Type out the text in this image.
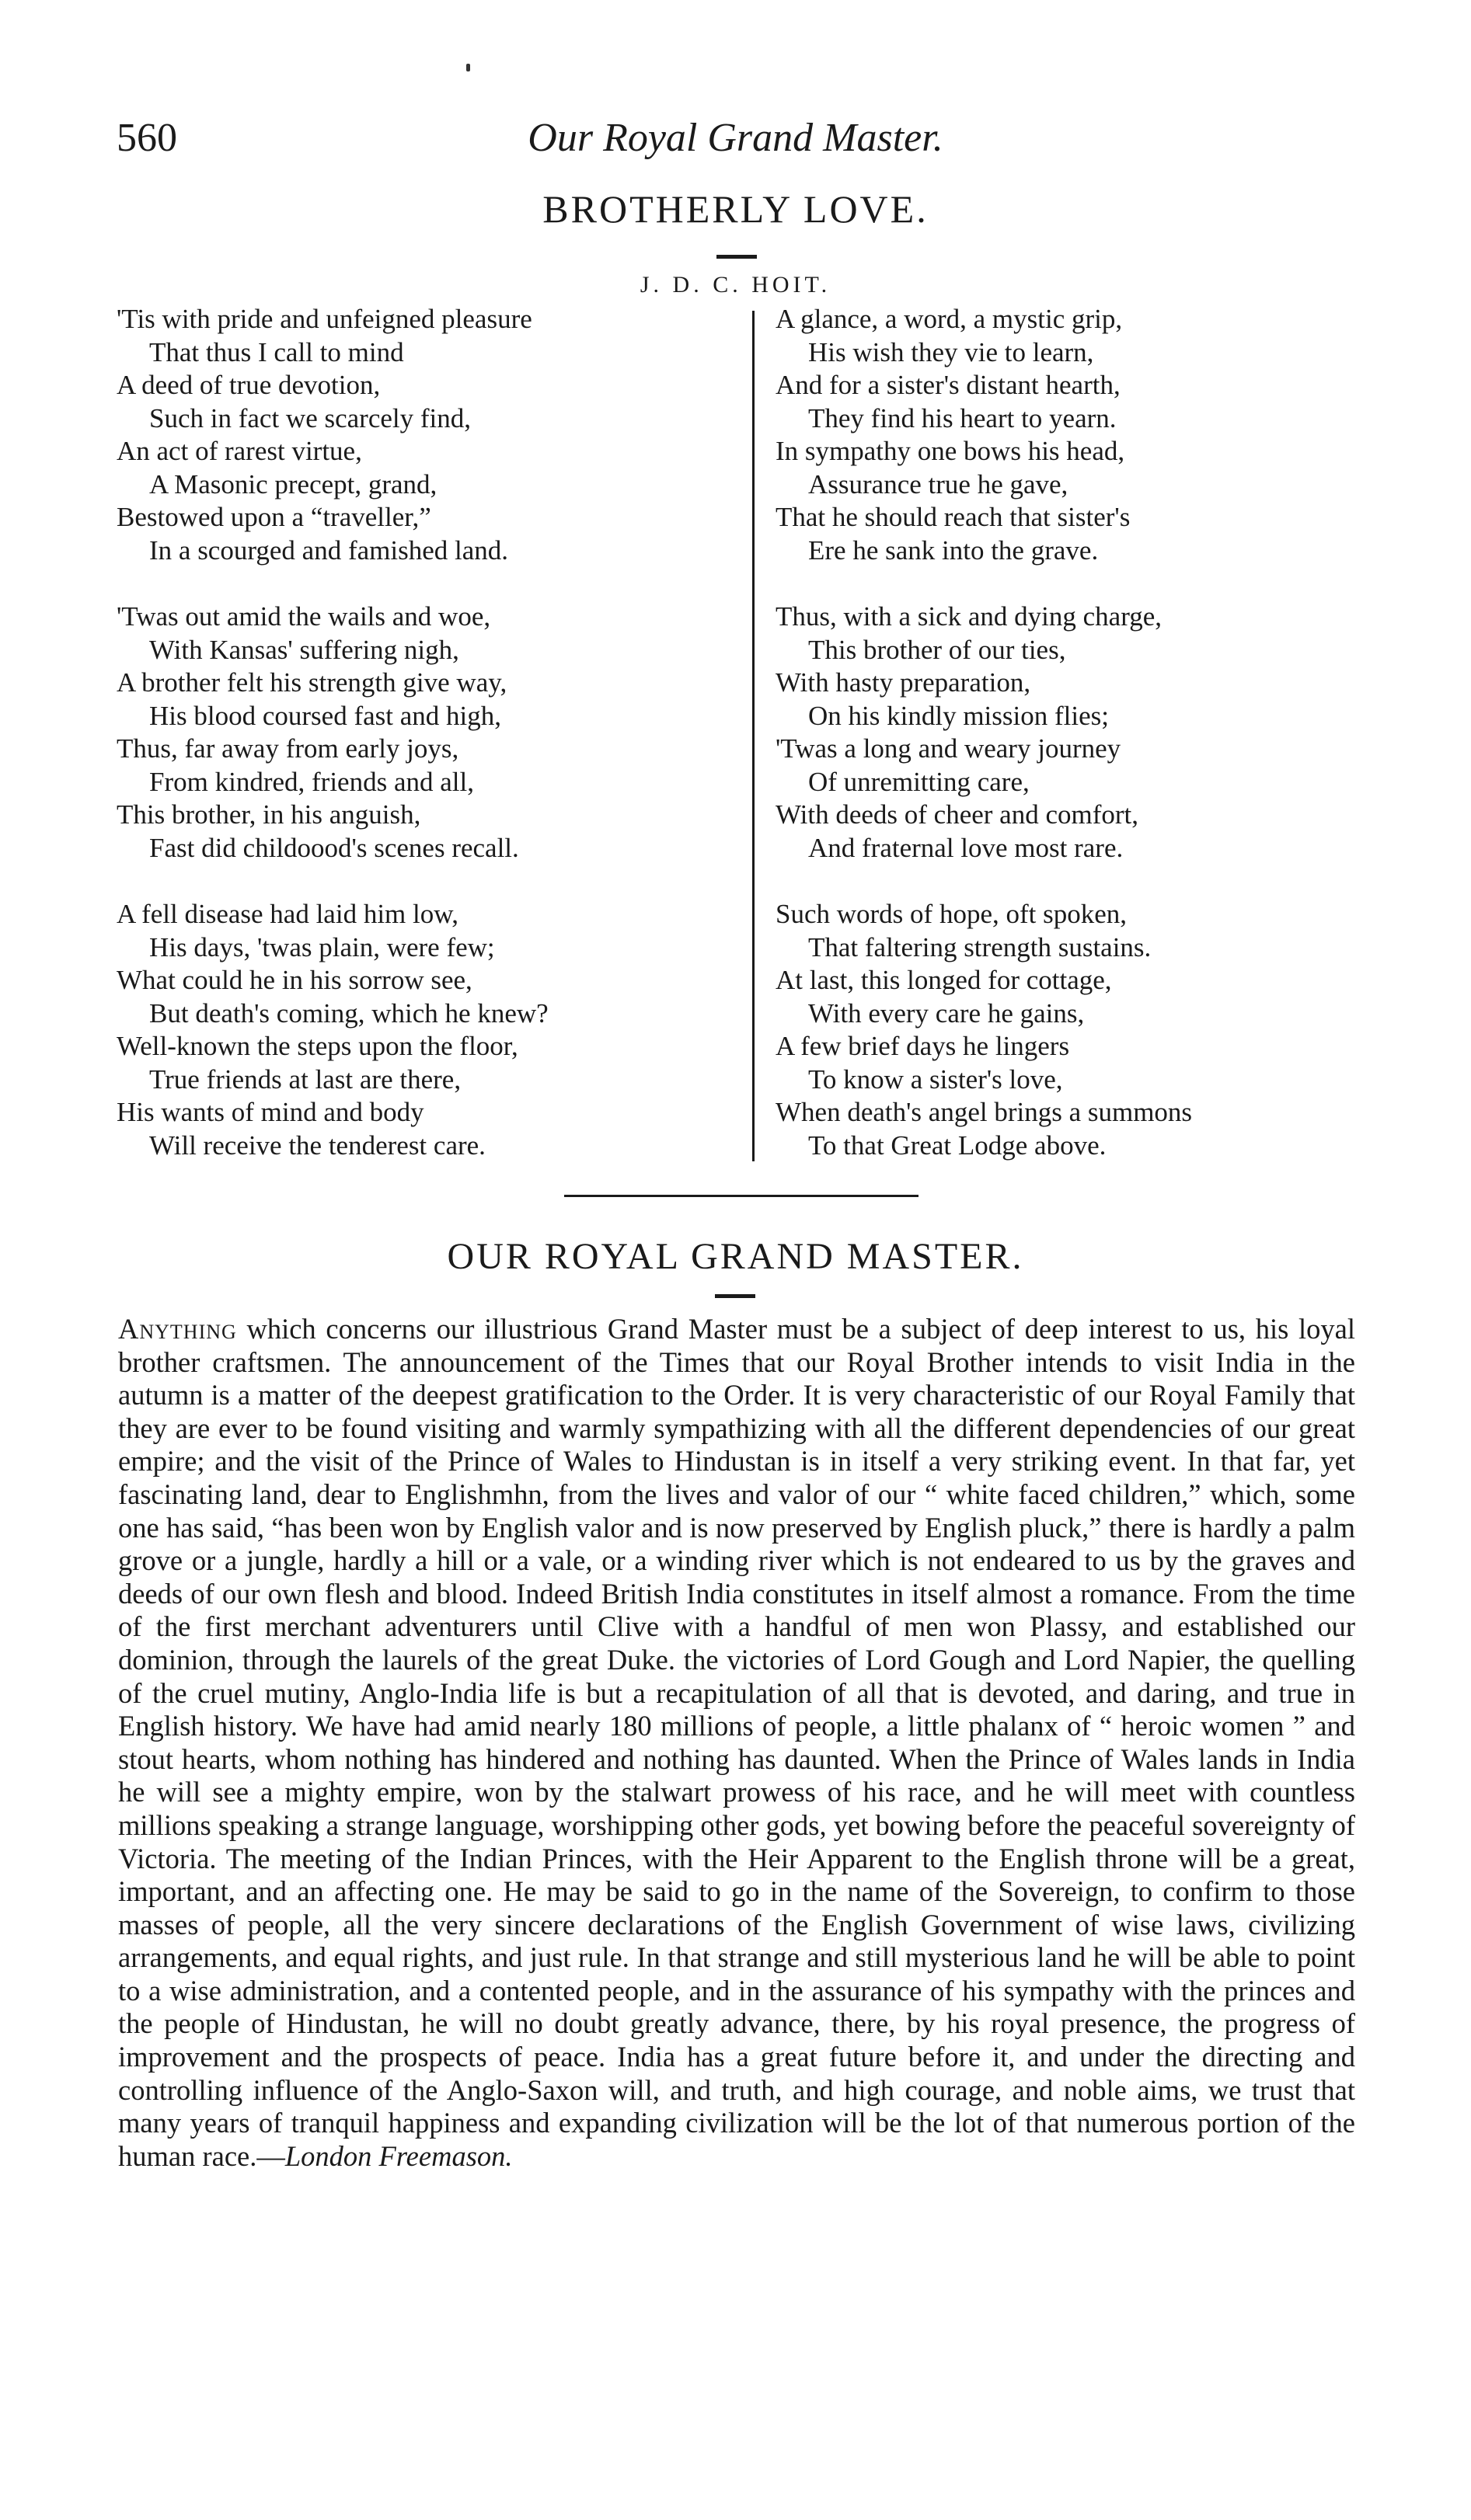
560	Our Royal Grand Master.
BROTHERLY LOVE.
J. D. C. HOIT.
'Tis with pride and unfeigned pleasure
That thus I call to mind
A deed of true devotion,
Such in fact we scarcely find,
An act of rarest virtue,
A Masonic precept, grand,
Bestowed upon a “traveller,”
In a scourged and famished land.
'Twas out amid the wails and woe,
With Kansas' suffering nigh,
A brother felt his strength give way,
His blood coursed fast and high,
Thus, far away from early joys,
From kindred, friends and all,
This brother, in his anguish,
Fast did childoood's scenes recall.
A fell disease had laid him low,
His days, 'twas plain, were few;
What could he in his sorrow see,
But death's coming, which he knew?
Well-known the steps upon the floor,
True friends at last are there,
His wants of mind and body
Will receive the tenderest care.
A glance, a word, a mystic grip,
His wish they vie to learn,
And for a sister's distant hearth,
They find his heart to yearn.
In sympathy one bows his head,
Assurance true he gave,
That he should reach that sister's
Ere he sank into the grave.
Thus, with a sick and dying charge,
This brother of our ties,
With hasty preparation,
On his kindly mission flies;
'Twas a long and weary journey
Of unremitting care,
With deeds of cheer and comfort,
And fraternal love most rare.
Such words of hope, oft spoken,
That faltering strength sustains.
At last, this longed for cottage,
With every care he gains,
A few brief days he lingers
To know a sister's love,
When death's angel brings a summons
To that Great Lodge above.
OUR ROYAL GRAND MASTER.
Anything which concerns our illustrious Grand Master must be a subject of deep interest to us, his loyal brother craftsmen. The announcement of the Times that our Royal Brother intends to visit India in the autumn is a matter of the deepest gratification to the Order. It is very characteristic of our Royal Family that they are ever to be found visiting and warmly sympathizing with all the different dependencies of our great empire; and the visit of the Prince of Wales to Hindustan is in itself a very striking event. In that far, yet fascinating land, dear to Englishmhn, from the lives and valor of our “ white faced children,” which, some one has said, “has been won by English valor and is now preserved by English pluck,” there is hardly a palm grove or a jungle, hardly a hill or a vale, or a winding river which is not endeared to us by the graves and deeds of our own flesh and blood. Indeed British India constitutes in itself almost a romance. From the time of the first merchant adventurers until Clive with a handful of men won Plassy, and established our dominion, through the laurels of the great Duke. the victories of Lord Gough and Lord Napier, the quelling of the cruel mutiny, Anglo-India life is but a recapitulation of all that is devoted, and daring, and true in English history. We have had amid nearly 180 millions of people, a little phalanx of “ heroic women ” and stout hearts, whom nothing has hindered and nothing has daunted. When the Prince of Wales lands in India he will see a mighty empire, won by the stalwart prowess of his race, and he will meet with countless millions speaking a strange language, worshipping other gods, yet bowing before the peaceful sovereignty of Victoria. The meeting of the Indian Princes, with the Heir Apparent to the English throne will be a great, important, and an affecting one. He may be said to go in the name of the Sovereign, to confirm to those masses of people, all the very sincere declarations of the English Government of wise laws, civilizing arrangements, and equal rights, and just rule. In that strange and still mysterious land he will be able to point to a wise administration, and a contented people, and in the assurance of his sympathy with the princes and the people of Hindustan, he will no doubt greatly advance, there, by his royal presence, the progress of improvement and the prospects of peace. India has a great future before it, and under the directing and controlling influence of the Anglo-Saxon will, and truth, and high courage, and noble aims, we trust that many years of tranquil happiness and expanding civilization will be the lot of that numerous portion of the human race.—London Freemason.
